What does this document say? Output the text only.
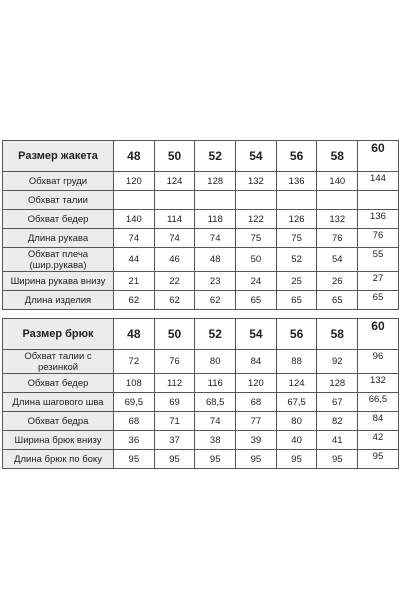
Размер жакета	48	50	52	54	56	58	60
Обхват груди	120	124	128	132	136	140	144
Обхват талии							
Обхват бедер	140	114	118	122	126	132	136
Длина рукава	74	74	74	75	75	76	76
Обхват плеча (шир.рукава)	44	46	48	50	52	54	55
Ширина рукава внизу	21	22	23	24	25	26	27
Длина изделия	62	62	62	65	65	65	65
Размер брюк	48	50	52	54	56	58	60
Обхват талии с резинкой	72	76	80	84	88	92	96
Обхват бедер	108	112	116	120	124	128	132
Длина шагового шва	69,5	69	68,5	68	67,5	67	66,5
Обхват бедра	68	71	74	77	80	82	84
Ширина брюк внизу	36	37	38	39	40	41	42
Длина брюк по боку	95	95	95	95	95	95	95
